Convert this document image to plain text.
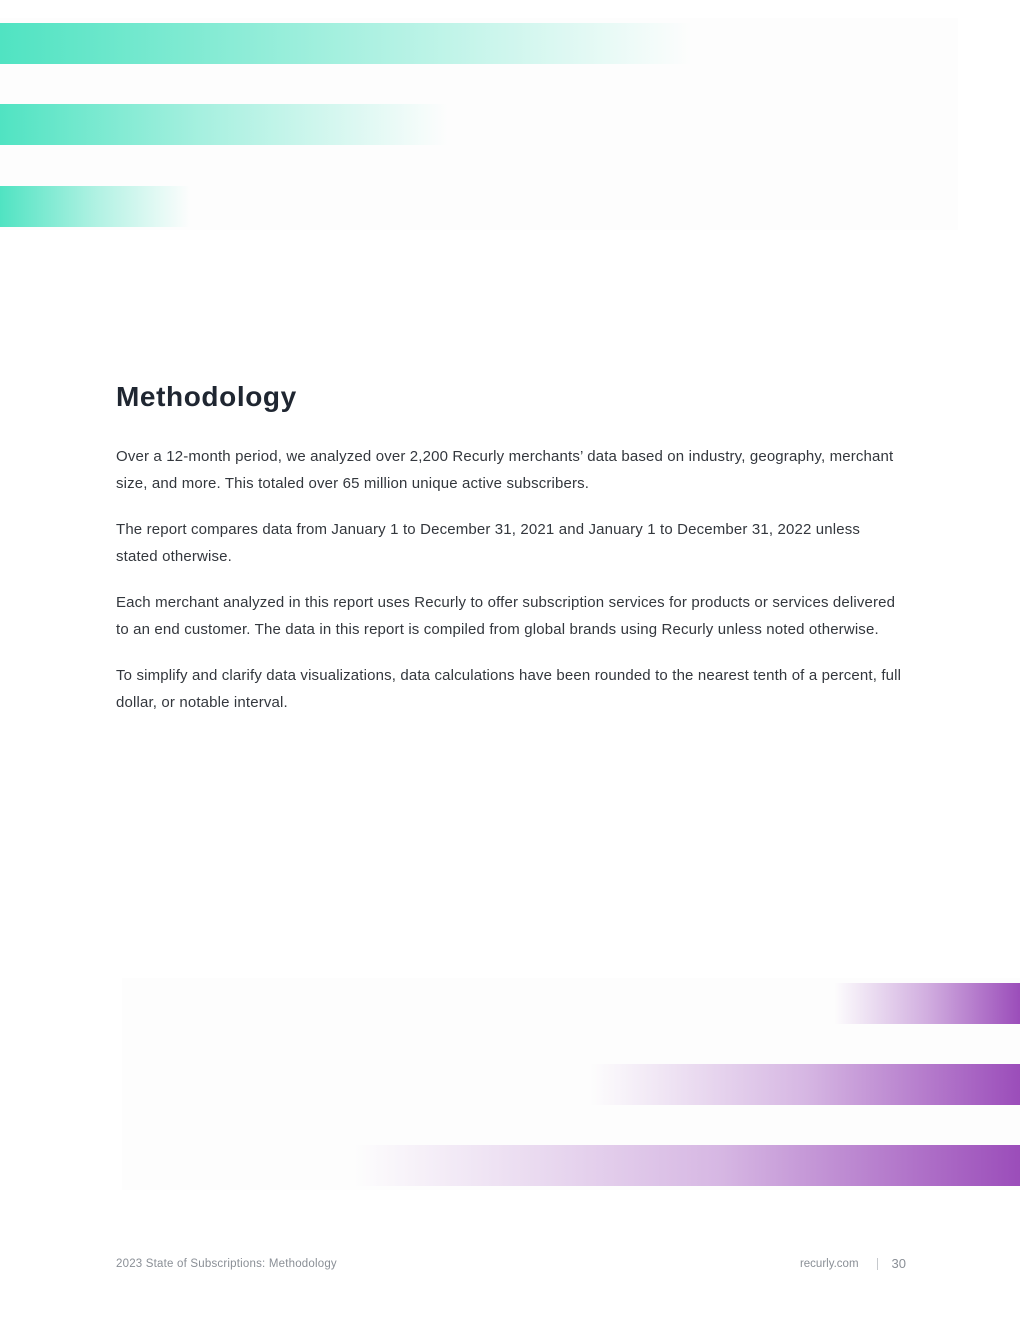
Methodology

Over a 12-month period, we analyzed over 2,200 Recurly merchants’ data based on industry, geography, merchant size, and more. This totaled over 65 million unique active subscribers.

The report compares data from January 1 to December 31, 2021 and January 1 to December 31, 2022 unless stated otherwise.

Each merchant analyzed in this report uses Recurly to offer subscription services for products or services delivered to an end customer. The data in this report is compiled from global brands using Recurly unless noted otherwise.

To simplify and clarify data visualizations, data calculations have been rounded to the nearest tenth of a percent, full dollar, or notable interval.

2023 State of Subscriptions: Methodology	recurly.com	30
